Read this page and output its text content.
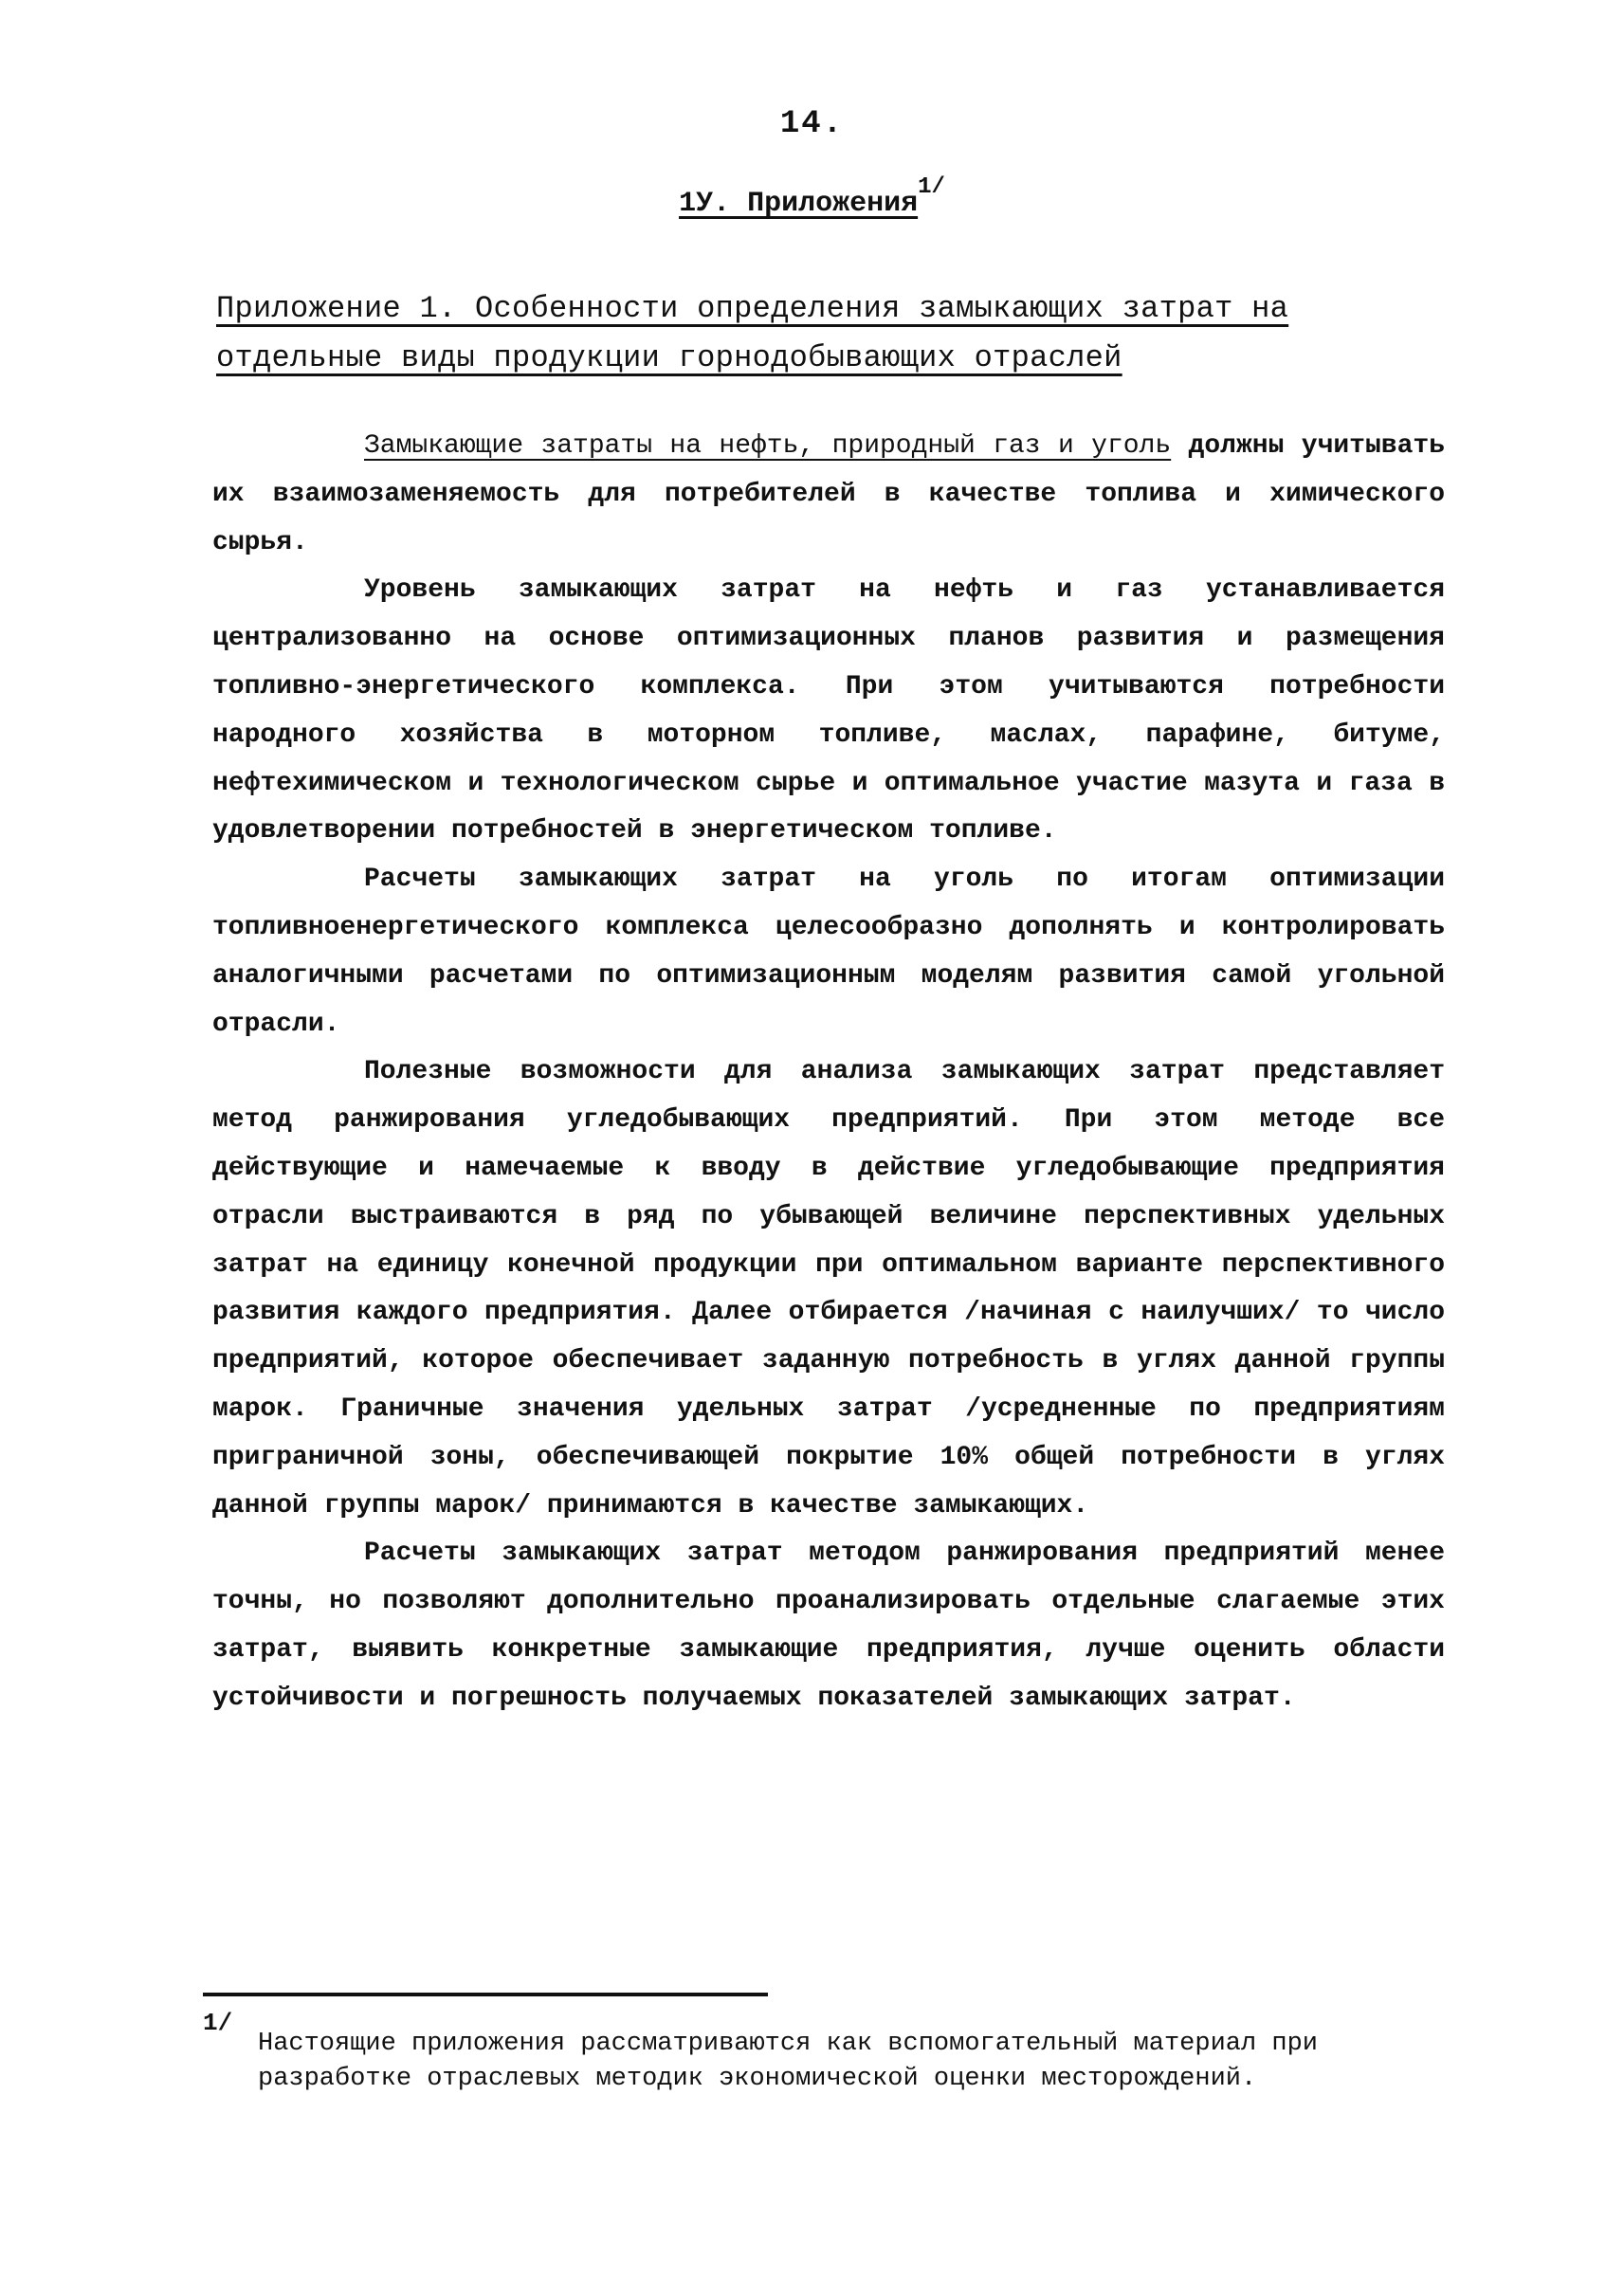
14.
1У. Приложения$^{1/}$
Приложение 1. Особенности определения замыкающих затрат на отдельные виды продукции горнодобывающих отраслей

Замыкающие затраты на нефть, природный газ и уголь должны учитывать их взаимозаменяемость для потребителей в качестве топлива и химического сырья.

Уровень замыкающих затрат на нефть и газ устанавливается централизованно на основе оптимизационных планов развития и размещения топливно-энергетического комплекса. При этом учитываются потребности народного хозяйства в моторном топливе, маслах, парафине, битуме, нефтехимическом и технологическом сырье и оптимальное участие мазута и газа в удовлетворении потребностей в энергетическом топливе.

Расчеты замыкающих затрат на уголь по итогам оптимизации топливноенергетического комплекса целесообразно дополнять и контролировать аналогичными расчетами по оптимизационным моделям развития самой угольной отрасли.

Полезные возможности для анализа замыкающих затрат представляет метод ранжирования угледобывающих предприятий. При этом методе все действующие и намечаемые к вводу в действие угледобывающие предприятия отрасли выстраиваются в ряд по убывающей величине перспективных удельных затрат на единицу конечной продукции при оптимальном варианте перспективного развития каждого предприятия. Далее отбирается /начиная с наилучших/ то число предприятий, которое обеспечивает заданную потребность в углях данной группы марок. Граничные значения удельных затрат /усредненные по предприятиям приграничной зоны, обеспечивающей покрытие 10% общей потребности в углях данной группы марок/ принимаются в качестве замыкающих.

Расчеты замыкающих затрат методом ранжирования предприятий менее точны, но позволяют дополнительно проанализировать отдельные слагаемые этих затрат, выявить конкретные замыкающие предприятия, лучше оценить области устойчивости и погрешность получаемых показателей замыкающих затрат.

1/
Настоящие приложения рассматриваются как вспомогательный материал при разработке отраслевых методик экономической оценки месторождений.
